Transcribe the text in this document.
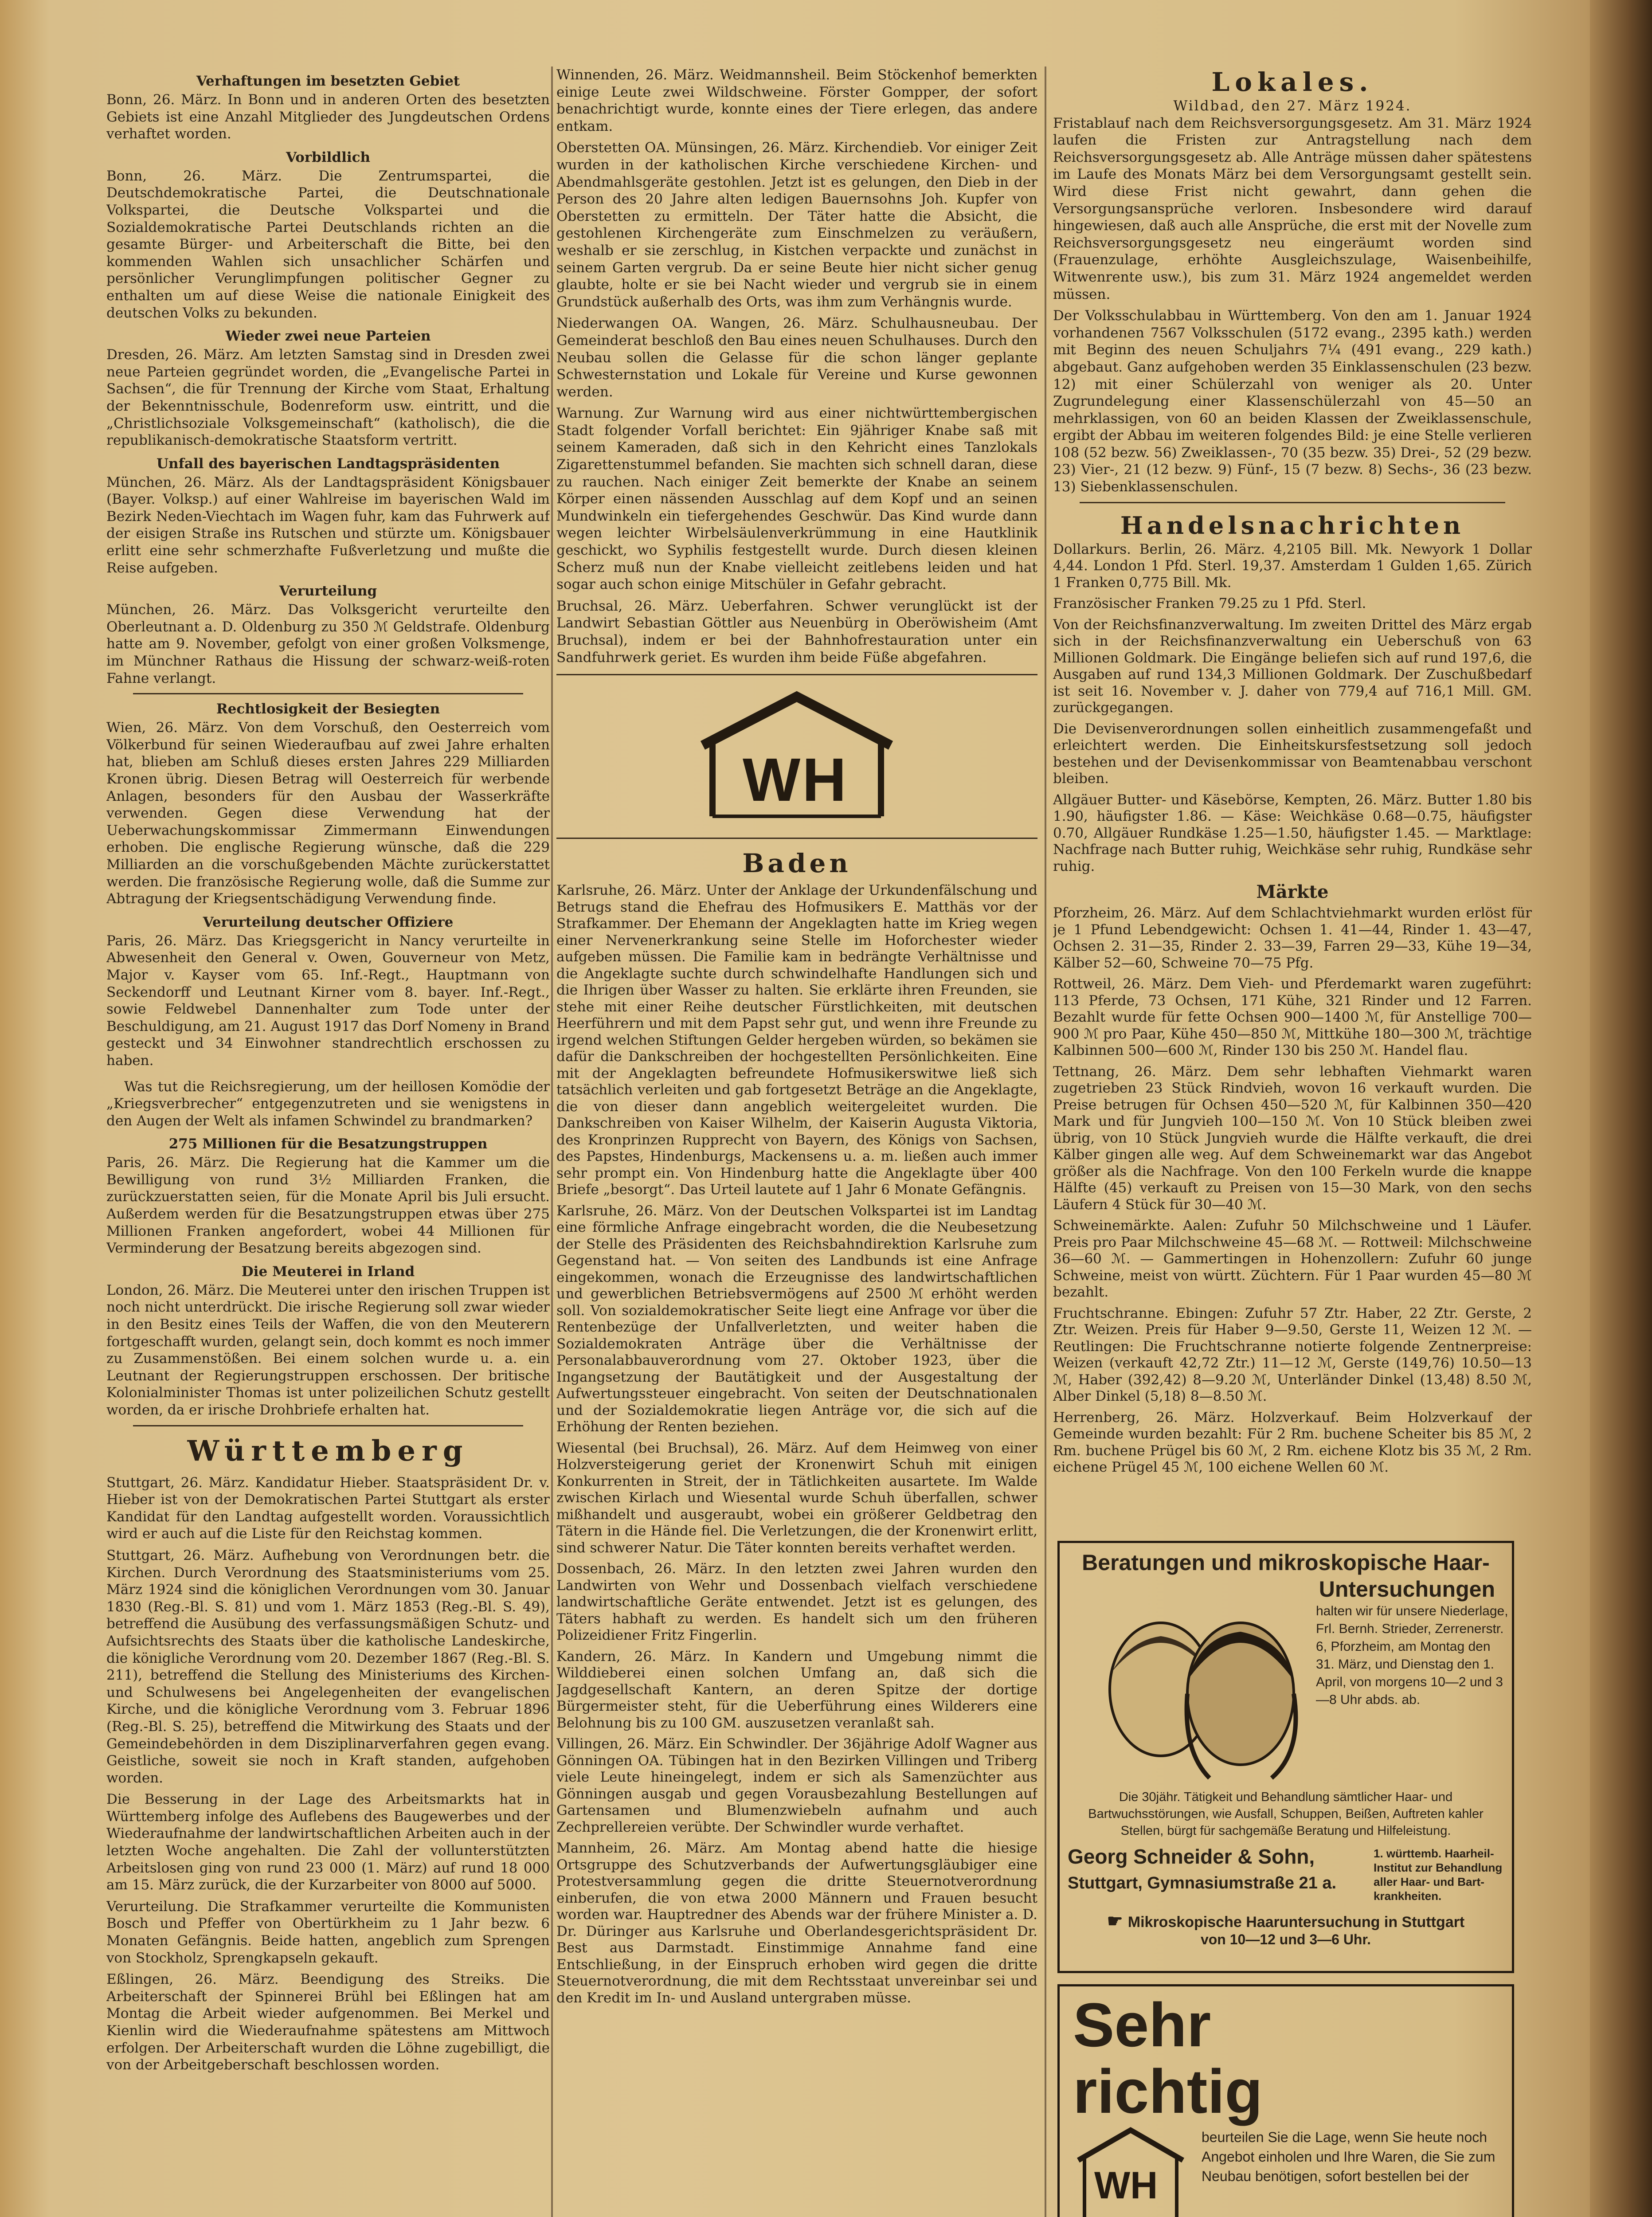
Verhaftungen im besetzten Gebiet
Bonn, 26. März. In Bonn und in anderen Orten des besetzten Gebiets ist eine Anzahl Mitglieder des Jungdeutschen Ordens verhaftet worden.
Vorbildlich
Bonn, 26. März. Die Zentrumspartei, die Deutschdemokratische Partei, die Deutschnationale Volkspartei, die Deutsche Volkspartei und die Sozialdemokratische Partei Deutschlands richten an die gesamte Bürger- und Arbeiterschaft die Bitte, bei den kommenden Wahlen sich unsachlicher Schärfen und persönlicher Verunglimpfungen politischer Gegner zu enthalten um auf diese Weise die nationale Einigkeit des deutschen Volks zu bekunden.
Wieder zwei neue Parteien
Dresden, 26. März. Am letzten Samstag sind in Dresden zwei neue Parteien gegründet worden, die „Evangelische Partei in Sachsen“, die für Trennung der Kirche vom Staat, Erhaltung der Bekenntnisschule, Bodenreform usw. eintritt, und die „Christlichsoziale Volksgemeinschaft“ (katholisch), die die republikanisch-demokratische Staatsform vertritt.
Unfall des bayerischen Landtagspräsidenten
München, 26. März. Als der Landtagspräsident Königsbauer (Bayer. Volksp.) auf einer Wahlreise im bayerischen Wald im Bezirk Neden-Viechtach im Wagen fuhr, kam das Fuhrwerk auf der eisigen Straße ins Rutschen und stürzte um. Königsbauer erlitt eine sehr schmerzhafte Fußverletzung und mußte die Reise aufgeben.
Verurteilung
München, 26. März. Das Volksgericht verurteilte den Oberleutnant a. D. Oldenburg zu 350 ℳ Geldstrafe. Oldenburg hatte am 9. November, gefolgt von einer großen Volksmenge, im Münchner Rathaus die Hissung der schwarz-weiß-roten Fahne verlangt.
Rechtlosigkeit der Besiegten
Wien, 26. März. Von dem Vorschuß, den Oesterreich vom Völkerbund für seinen Wiederaufbau auf zwei Jahre erhalten hat, blieben am Schluß dieses ersten Jahres 229 Milliarden Kronen übrig. Diesen Betrag will Oesterreich für werbende Anlagen, besonders für den Ausbau der Wasserkräfte verwenden. Gegen diese Verwendung hat der Ueberwachungskommissar Zimmermann Einwendungen erhoben. Die englische Regierung wünsche, daß die 229 Milliarden an die vorschußgebenden Mächte zurückerstattet werden. Die französische Regierung wolle, daß die Summe zur Abtragung der Kriegsentschädigung Verwendung finde.
Verurteilung deutscher Offiziere
Paris, 26. März. Das Kriegsgericht in Nancy verurteilte in Abwesenheit den General v. Owen, Gouverneur von Metz, Major v. Kayser vom 65. Inf.-Regt., Hauptmann von Seckendorff und Leutnant Kirner vom 8. bayer. Inf.-Regt., sowie Feldwebel Dannenhalter zum Tode unter der Beschuldigung, am 21. August 1917 das Dorf Nomeny in Brand gesteckt und 34 Einwohner standrechtlich erschossen zu haben.
Was tut die Reichsregierung, um der heillosen Komödie der „Kriegsverbrecher“ entgegenzutreten und sie wenigstens in den Augen der Welt als infamen Schwindel zu brandmarken?
275 Millionen für die Besatzungstruppen
Paris, 26. März. Die Regierung hat die Kammer um die Bewilligung von rund 3½ Milliarden Franken, die zurückzuerstatten seien, für die Monate April bis Juli ersucht. Außerdem werden für die Besatzungstruppen etwas über 275 Millionen Franken angefordert, wobei 44 Millionen für Verminderung der Besatzung bereits abgezogen sind.
Die Meuterei in Irland
London, 26. März. Die Meuterei unter den irischen Truppen ist noch nicht unterdrückt. Die irische Regierung soll zwar wieder in den Besitz eines Teils der Waffen, die von den Meuterern fortgeschafft wurden, gelangt sein, doch kommt es noch immer zu Zusammenstößen. Bei einem solchen wurde u. a. ein Leutnant der Regierungstruppen erschossen. Der britische Kolonialminister Thomas ist unter polizeilichen Schutz gestellt worden, da er irische Drohbriefe erhalten hat.
Württemberg
Stuttgart, 26. März. Kandidatur Hieber. Staatspräsident Dr. v. Hieber ist von der Demokratischen Partei Stuttgart als erster Kandidat für den Landtag aufgestellt worden. Voraussichtlich wird er auch auf die Liste für den Reichstag kommen.
Stuttgart, 26. März. Aufhebung von Verordnungen betr. die Kirchen. Durch Verordnung des Staatsministeriums vom 25. März 1924 sind die königlichen Verordnungen vom 30. Januar 1830 (Reg.-Bl. S. 81) und vom 1. März 1853 (Reg.-Bl. S. 49), betreffend die Ausübung des verfassungsmäßigen Schutz- und Aufsichtsrechts des Staats über die katholische Landeskirche, die königliche Verordnung vom 20. Dezember 1867 (Reg.-Bl. S. 211), betreffend die Stellung des Ministeriums des Kirchen- und Schulwesens bei Angelegenheiten der evangelischen Kirche, und die königliche Verordnung vom 3. Februar 1896 (Reg.-Bl. S. 25), betreffend die Mitwirkung des Staats und der Gemeindebehörden in dem Disziplinarverfahren gegen evang. Geistliche, soweit sie noch in Kraft standen, aufgehoben worden.
Die Besserung in der Lage des Arbeitsmarkts hat in Württemberg infolge des Auflebens des Baugewerbes und der Wiederaufnahme der landwirtschaftlichen Arbeiten auch in der letzten Woche angehalten. Die Zahl der vollunterstützten Arbeitslosen ging von rund 23 000 (1. März) auf rund 18 000 am 15. März zurück, die der Kurzarbeiter von 8000 auf 5000.
Verurteilung. Die Strafkammer verurteilte die Kommunisten Bosch und Pfeffer von Obertürkheim zu 1 Jahr bezw. 6 Monaten Gefängnis. Beide hatten, angeblich zum Sprengen von Stockholz, Sprengkapseln gekauft.
Eßlingen, 26. März. Beendigung des Streiks. Die Arbeiterschaft der Spinnerei Brühl bei Eßlingen hat am Montag die Arbeit wieder aufgenommen. Bei Merkel und Kienlin wird die Wiederaufnahme spätestens am Mittwoch erfolgen. Der Arbeiterschaft wurden die Löhne zugebilligt, die von der Arbeitgeberschaft beschlossen worden.
Winnenden, 26. März. Weidmannsheil. Beim Stöckenhof bemerkten einige Leute zwei Wildschweine. Förster Gompper, der sofort benachrichtigt wurde, konnte eines der Tiere erlegen, das andere entkam.
Oberstetten OA. Münsingen, 26. März. Kirchendieb. Vor einiger Zeit wurden in der katholischen Kirche verschiedene Kirchen- und Abendmahlsgeräte gestohlen. Jetzt ist es gelungen, den Dieb in der Person des 20 Jahre alten ledigen Bauernsohns Joh. Kupfer von Oberstetten zu ermitteln. Der Täter hatte die Absicht, die gestohlenen Kirchengeräte zum Einschmelzen zu veräußern, weshalb er sie zerschlug, in Kistchen verpackte und zunächst in seinem Garten vergrub. Da er seine Beute hier nicht sicher genug glaubte, holte er sie bei Nacht wieder und vergrub sie in einem Grundstück außerhalb des Orts, was ihm zum Verhängnis wurde.
Niederwangen OA. Wangen, 26. März. Schulhausneubau. Der Gemeinderat beschloß den Bau eines neuen Schulhauses. Durch den Neubau sollen die Gelasse für die schon länger geplante Schwesternstation und Lokale für Vereine und Kurse gewonnen werden.
Warnung. Zur Warnung wird aus einer nichtwürttembergischen Stadt folgender Vorfall berichtet: Ein 9jähriger Knabe saß mit seinem Kameraden, daß sich in den Kehricht eines Tanzlokals Zigarettenstummel befanden. Sie machten sich schnell daran, diese zu rauchen. Nach einiger Zeit bemerkte der Knabe an seinem Körper einen nässenden Ausschlag auf dem Kopf und an seinen Mundwinkeln ein tiefergehendes Geschwür. Das Kind wurde dann wegen leichter Wirbelsäulenverkrümmung in eine Hautklinik geschickt, wo Syphilis festgestellt wurde. Durch diesen kleinen Scherz muß nun der Knabe vielleicht zeitlebens leiden und hat sogar auch schon einige Mitschüler in Gefahr gebracht.
Bruchsal, 26. März. Ueberfahren. Schwer verunglückt ist der Landwirt Sebastian Göttler aus Neuenbürg in Oberöwisheim (Amt Bruchsal), indem er bei der Bahnhofrestauration unter ein Sandfuhrwerk geriet. Es wurden ihm beide Füße abgefahren.
WH
Baden
Karlsruhe, 26. März. Unter der Anklage der Urkundenfälschung und Betrugs stand die Ehefrau des Hofmusikers E. Matthäs vor der Strafkammer. Der Ehemann der Angeklagten hatte im Krieg wegen einer Nervenerkrankung seine Stelle im Hoforchester wieder aufgeben müssen. Die Familie kam in bedrängte Verhältnisse und die Angeklagte suchte durch schwindelhafte Handlungen sich und die Ihrigen über Wasser zu halten. Sie erklärte ihren Freunden, sie stehe mit einer Reihe deutscher Fürstlichkeiten, mit deutschen Heerführern und mit dem Papst sehr gut, und wenn ihre Freunde zu irgend welchen Stiftungen Gelder hergeben würden, so bekämen sie dafür die Dankschreiben der hochgestellten Persönlichkeiten. Eine mit der Angeklagten befreundete Hofmusikerswitwe ließ sich tatsächlich verleiten und gab fortgesetzt Beträge an die Angeklagte, die von dieser dann angeblich weitergeleitet wurden. Die Dankschreiben von Kaiser Wilhelm, der Kaiserin Augusta Viktoria, des Kronprinzen Rupprecht von Bayern, des Königs von Sachsen, des Papstes, Hindenburgs, Mackensens u. a. m. ließen auch immer sehr prompt ein. Von Hindenburg hatte die Angeklagte über 400 Briefe „besorgt“. Das Urteil lautete auf 1 Jahr 6 Monate Gefängnis.
Karlsruhe, 26. März. Von der Deutschen Volkspartei ist im Landtag eine förmliche Anfrage eingebracht worden, die die Neubesetzung der Stelle des Präsidenten des Reichsbahndirektion Karlsruhe zum Gegenstand hat. — Von seiten des Landbunds ist eine Anfrage eingekommen, wonach die Erzeugnisse des landwirtschaftlichen und gewerblichen Betriebsvermögens auf 2500 ℳ erhöht werden soll. Von sozialdemokratischer Seite liegt eine Anfrage vor über die Rentenbezüge der Unfallverletzten, und weiter haben die Sozialdemokraten Anträge über die Verhältnisse der Personalabbauverordnung vom 27. Oktober 1923, über die Ingangsetzung der Bautätigkeit und der Ausgestaltung der Aufwertungssteuer eingebracht. Von seiten der Deutschnationalen und der Sozialdemokratie liegen Anträge vor, die sich auf die Erhöhung der Renten beziehen.
Wiesental (bei Bruchsal), 26. März. Auf dem Heimweg von einer Holzversteigerung geriet der Kronenwirt Schuh mit einigen Konkurrenten in Streit, der in Tätlichkeiten ausartete. Im Walde zwischen Kirlach und Wiesental wurde Schuh überfallen, schwer mißhandelt und ausgeraubt, wobei ein größerer Geldbetrag den Tätern in die Hände fiel. Die Verletzungen, die der Kronenwirt erlitt, sind schwerer Natur. Die Täter konnten bereits verhaftet werden.
Dossenbach, 26. März. In den letzten zwei Jahren wurden den Landwirten von Wehr und Dossenbach vielfach verschiedene landwirtschaftliche Geräte entwendet. Jetzt ist es gelungen, des Täters habhaft zu werden. Es handelt sich um den früheren Polizeidiener Fritz Fingerlin.
Kandern, 26. März. In Kandern und Umgebung nimmt die Wilddieberei einen solchen Umfang an, daß sich die Jagdgesellschaft Kantern, an deren Spitze der dortige Bürgermeister steht, für die Ueberführung eines Wilderers eine Belohnung bis zu 100 GM. auszusetzen veranlaßt sah.
Villingen, 26. März. Ein Schwindler. Der 36jährige Adolf Wagner aus Gönningen OA. Tübingen hat in den Bezirken Villingen und Triberg viele Leute hineingelegt, indem er sich als Samenzüchter aus Gönningen ausgab und gegen Vorausbezahlung Bestellungen auf Gartensamen und Blumenzwiebeln aufnahm und auch Zechprellereien verübte. Der Schwindler wurde verhaftet.
Mannheim, 26. März. Am Montag abend hatte die hiesige Ortsgruppe des Schutzverbands der Aufwertungsgläubiger eine Protestversammlung gegen die dritte Steuernotverordnung einberufen, die von etwa 2000 Männern und Frauen besucht worden war. Hauptredner des Abends war der frühere Minister a. D. Dr. Düringer aus Karlsruhe und Oberlandesgerichtspräsident Dr. Best aus Darmstadt. Einstimmige Annahme fand eine Entschließung, in der Einspruch erhoben wird gegen die dritte Steuernotverordnung, die mit dem Rechtsstaat unvereinbar sei und den Kredit im In- und Ausland untergraben müsse.
Lokales.
Wildbad, den 27. März 1924.
Fristablauf nach dem Reichsversorgungsgesetz. Am 31. März 1924 laufen die Fristen zur Antragstellung nach dem Reichsversorgungsgesetz ab. Alle Anträge müssen daher spätestens im Laufe des Monats März bei dem Versorgungsamt gestellt sein. Wird diese Frist nicht gewahrt, dann gehen die Versorgungsansprüche verloren. Insbesondere wird darauf hingewiesen, daß auch alle Ansprüche, die erst mit der Novelle zum Reichsversorgungsgesetz neu eingeräumt worden sind (Frauenzulage, erhöhte Ausgleichszulage, Waisenbeihilfe, Witwenrente usw.), bis zum 31. März 1924 angemeldet werden müssen.
Der Volksschulabbau in Württemberg. Von den am 1. Januar 1924 vorhandenen 7567 Volksschulen (5172 evang., 2395 kath.) werden mit Beginn des neuen Schuljahrs 7¼ (491 evang., 229 kath.) abgebaut. Ganz aufgehoben werden 35 Einklassenschulen (23 bezw. 12) mit einer Schülerzahl von weniger als 20. Unter Zugrundelegung einer Klassenschülerzahl von 45—50 an mehrklassigen, von 60 an beiden Klassen der Zweiklassenschule, ergibt der Abbau im weiteren folgendes Bild: je eine Stelle verlieren 108 (52 bezw. 56) Zweiklassen-, 70 (35 bezw. 35) Drei-, 52 (29 bezw. 23) Vier-, 21 (12 bezw. 9) Fünf-, 15 (7 bezw. 8) Sechs-, 36 (23 bezw. 13) Siebenklassenschulen.
Handelsnachrichten
Dollarkurs. Berlin, 26. März. 4,2105 Bill. Mk. Newyork 1 Dollar 4,44. London 1 Pfd. Sterl. 19,37. Amsterdam 1 Gulden 1,65. Zürich 1 Franken 0,775 Bill. Mk.
Französischer Franken 79.25 zu 1 Pfd. Sterl.
Von der Reichsfinanzverwaltung. Im zweiten Drittel des März ergab sich in der Reichsfinanzverwaltung ein Ueberschuß von 63 Millionen Goldmark. Die Eingänge beliefen sich auf rund 197,6, die Ausgaben auf rund 134,3 Millionen Goldmark. Der Zuschußbedarf ist seit 16. November v. J. daher von 779,4 auf 716,1 Mill. GM. zurückgegangen.
Die Devisenverordnungen sollen einheitlich zusammengefaßt und erleichtert werden. Die Einheitskursfestsetzung soll jedoch bestehen und der Devisenkommissar von Beamtenabbau verschont bleiben.
Allgäuer Butter- und Käsebörse, Kempten, 26. März. Butter 1.80 bis 1.90, häufigster 1.86. — Käse: Weichkäse 0.68—0.75, häufigster 0.70, Allgäuer Rundkäse 1.25—1.50, häufigster 1.45. — Marktlage: Nachfrage nach Butter ruhig, Weichkäse sehr ruhig, Rundkäse sehr ruhig.
Märkte
Pforzheim, 26. März. Auf dem Schlachtviehmarkt wurden erlöst für je 1 Pfund Lebendgewicht: Ochsen 1. 41—44, Rinder 1. 43—47, Ochsen 2. 31—35, Rinder 2. 33—39, Farren 29—33, Kühe 19—34, Kälber 52—60, Schweine 70—75 Pfg.
Rottweil, 26. März. Dem Vieh- und Pferdemarkt waren zugeführt: 113 Pferde, 73 Ochsen, 171 Kühe, 321 Rinder und 12 Farren. Bezahlt wurde für fette Ochsen 900—1400 ℳ, für Anstellige 700—900 ℳ pro Paar, Kühe 450—850 ℳ, Mittkühe 180—300 ℳ, trächtige Kalbinnen 500—600 ℳ, Rinder 130 bis 250 ℳ. Handel flau.
Tettnang, 26. März. Dem sehr lebhaften Viehmarkt waren zugetrieben 23 Stück Rindvieh, wovon 16 verkauft wurden. Die Preise betrugen für Ochsen 450—520 ℳ, für Kalbinnen 350—420 Mark und für Jungvieh 100—150 ℳ. Von 10 Stück bleiben zwei übrig, von 10 Stück Jungvieh wurde die Hälfte verkauft, die drei Kälber gingen alle weg. Auf dem Schweinemarkt war das Angebot größer als die Nachfrage. Von den 100 Ferkeln wurde die knappe Hälfte (45) verkauft zu Preisen von 15—30 Mark, von den sechs Läufern 4 Stück für 30—40 ℳ.
Schweinemärkte. Aalen: Zufuhr 50 Milchschweine und 1 Läufer. Preis pro Paar Milchschweine 45—68 ℳ. — Rottweil: Milchschweine 36—60 ℳ. — Gammertingen in Hohenzollern: Zufuhr 60 junge Schweine, meist von württ. Züchtern. Für 1 Paar wurden 45—80 ℳ bezahlt.
Fruchtschranne. Ebingen: Zufuhr 57 Ztr. Haber, 22 Ztr. Gerste, 2 Ztr. Weizen. Preis für Haber 9—9.50, Gerste 11, Weizen 12 ℳ. — Reutlingen: Die Fruchtschranne notierte folgende Zentnerpreise: Weizen (verkauft 42,72 Ztr.) 11—12 ℳ, Gerste (149,76) 10.50—13 ℳ, Haber (392,42) 8—9.20 ℳ, Unterländer Dinkel (13,48) 8.50 ℳ, Alber Dinkel (5,18) 8—8.50 ℳ.
Herrenberg, 26. März. Holzverkauf. Beim Holzverkauf der Gemeinde wurden bezahlt: Für 2 Rm. buchene Scheiter bis 85 ℳ, 2 Rm. buchene Prügel bis 60 ℳ, 2 Rm. eichene Klotz bis 35 ℳ, 2 Rm. eichene Prügel 45 ℳ, 100 eichene Wellen 60 ℳ.
Beratungen und mikroskopische Haar-
Untersuchungen
halten wir für unsere Niederlage, Frl. Bernh. Strieder, Zerrenerstr. 6, Pforzheim, am Montag den 31. März, und Dienstag den 1. April, von morgens 10—2 und 3—8 Uhr abds. ab.
Die 30jähr. Tätigkeit und Behandlung sämtlicher Haar- und Bartwuchsstörungen, wie Ausfall, Schuppen, Beißen, Auftreten kahler Stellen, bürgt für sachgemäße Beratung und Hilfeleistung.
Georg Schneider & Sohn,
Stuttgart, Gymnasiumstraße 21 a.
1. württemb. Haarheil-Institut zur Behandlung aller Haar- und Bart-krankheiten.
☛ Mikroskopische Haaruntersuchung in Stuttgart
von 10—12 und 3—6 Uhr.
Sehr
richtig
WH
beurteilen Sie die Lage, wenn Sie heute noch Angebot einholen und Ihre Waren, die Sie zum Neubau benötigen, sofort bestellen bei der
